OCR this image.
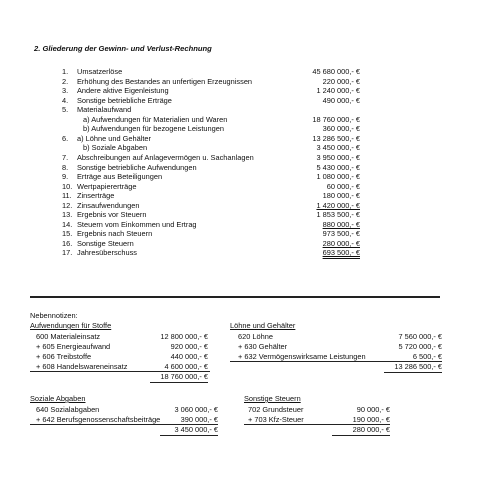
2. Gliederung der Gewinn- und Verlust-Rechnung
1. Umsatzerlöse	45 680 000,- €
2. Erhöhung des Bestandes an unfertigen Erzeugnissen	220 000,- €
3. Andere aktive Eigenleistung	1 240 000,- €
4. Sonstige betriebliche Erträge	490 000,- €
5. Materialaufwand
a) Aufwendungen für Materialien und Waren	18 760 000,- €
b) Aufwendungen für bezogene Leistungen	360 000,- €
6. a) Löhne und Gehälter	13 286 500,- €
b) Soziale Abgaben	3 450 000,- €
7. Abschreibungen auf Anlagevermögen u. Sachanlagen	3 950 000,- €
8. Sonstige betriebliche Aufwendungen	5 430 000,- €
9. Erträge aus Beteiligungen	1 080 000,- €
10. Wertpapiererträge	60 000,- €
11. Zinserträge	180 000,- €
12. Zinsaufwendungen	1 420 000,- €
13. Ergebnis vor Steuern	1 853 500,- €
14. Steuern vom Einkommen und Ertrag	880 000,- €
15. Ergebnis nach Steuern	973 500,- €
16. Sonstige Steuern	280 000,- €
17. Jahresüberschuss	693 500,- €
Nebennotizen:
Aufwendungen für Stoffe
600 Materialeinsatz	12 800 000,- €
+ 605 Energieaufwand	920 000,- €
+ 606 Treibstoffe	440 000,- €
+ 608 Handelswareneinsatz	4 600 000,- €
18 760 000,- €
Löhne und Gehälter
620 Löhne	7 560 000,- €
+ 630 Gehälter	5 720 000,- €
+ 632 Vermögenswirksame Leistungen	6 500,- €
13 286 500,- €
Soziale Abgaben
640 Sozialabgaben	3 060 000,- €
+ 642 Berufsgenossenschaftsbeiträge	390 000,- €
3 450 000,- €
Sonstige Steuern
702 Grundsteuer	90 000,- €
+ 703 Kfz-Steuer	190 000,- €
280 000,- €
